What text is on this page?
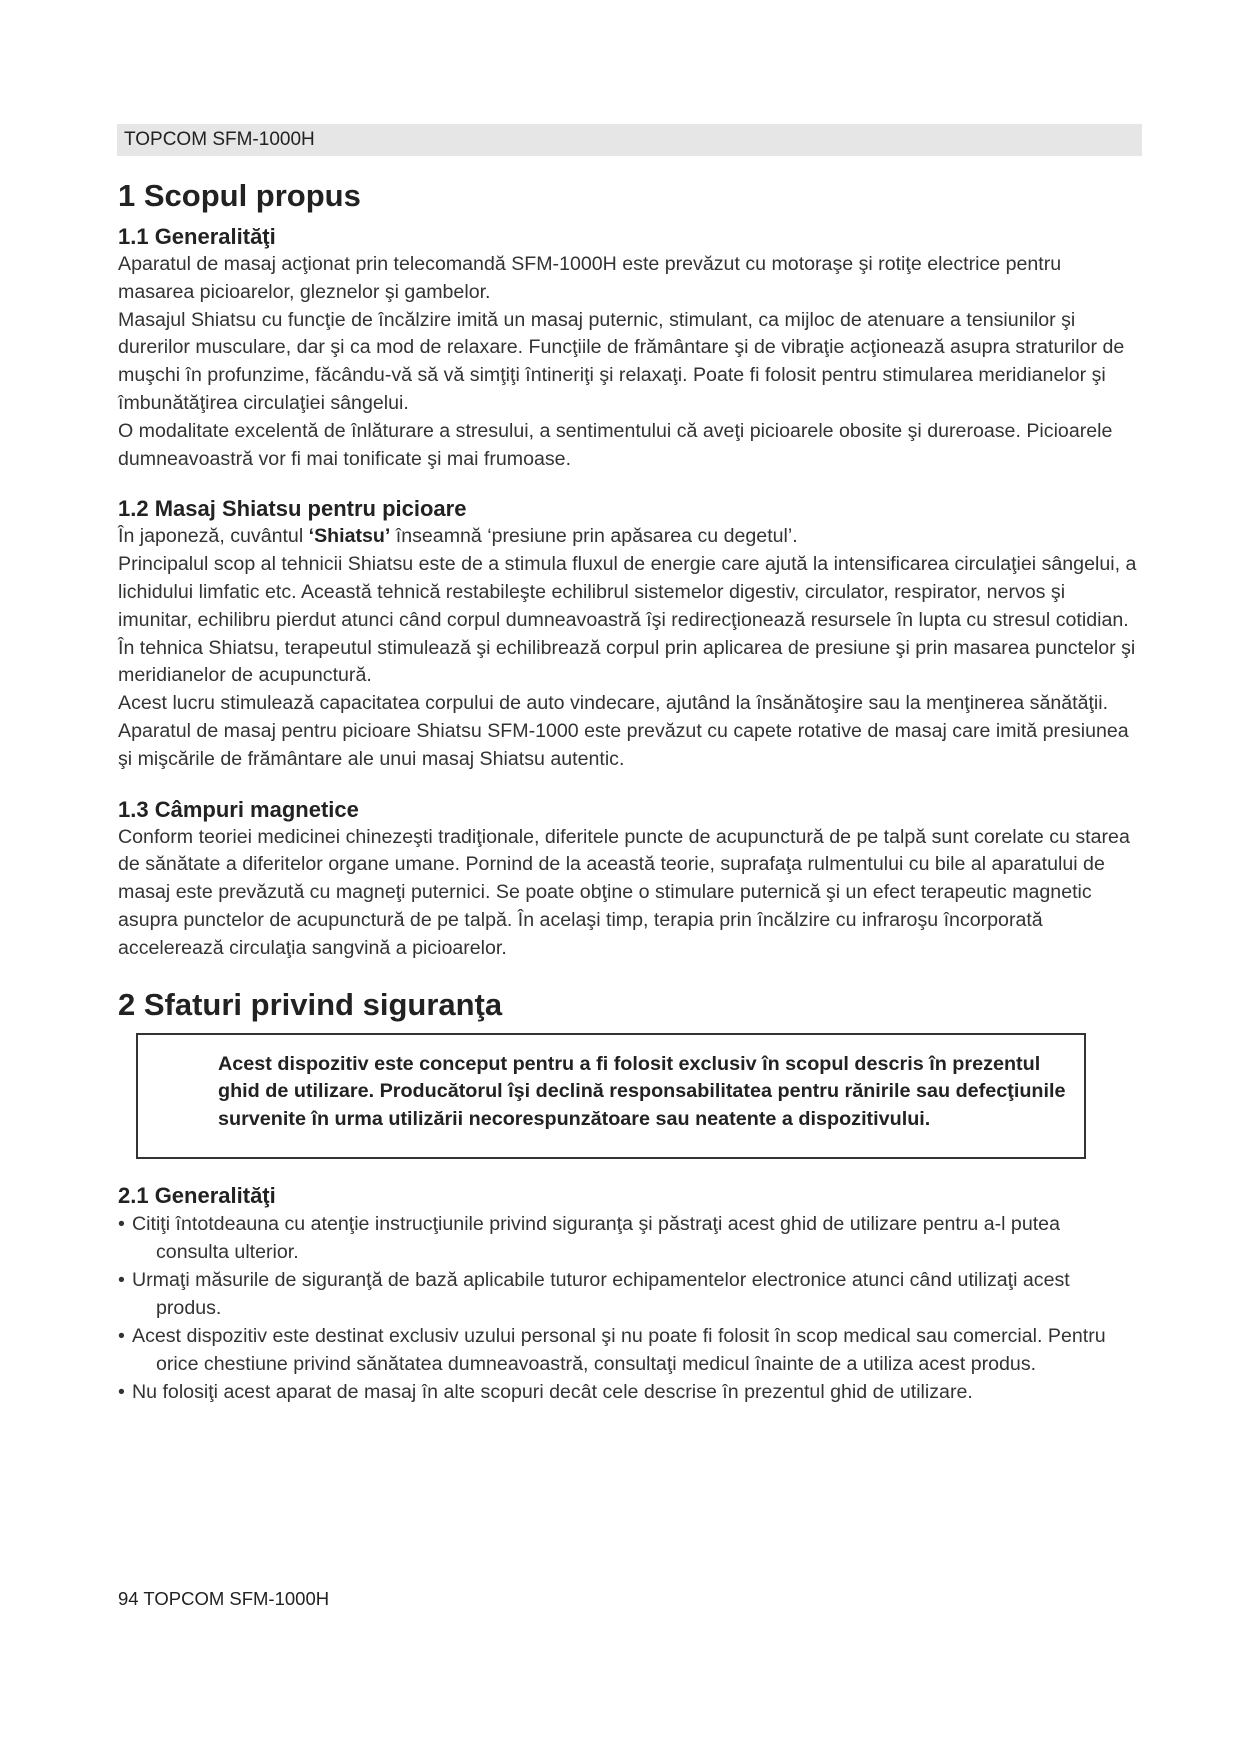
TOPCOM SFM-1000H
1 Scopul propus
1.1 Generalităţi

Aparatul de masaj acţionat prin telecomandă SFM-1000H este prevăzut cu motoraşe şi rotiţe electrice pentru masarea picioarelor, gleznelor şi gambelor.

Masajul Shiatsu cu funcţie de încălzire imită un masaj puternic, stimulant, ca mijloc de atenuare a tensiunilor şi durerilor musculare, dar şi ca mod de relaxare. Funcţiile de frământare şi de vibraţie acţionează asupra straturilor de muşchi în profunzime, făcându-vă să vă simţiţi întineriţi şi relaxaţi. Poate fi folosit pentru stimularea meridianelor şi îmbunătăţirea circulaţiei sângelui.

O modalitate excelentă de înlăturare a stresului, a sentimentului că aveţi picioarele obosite şi dureroase. Picioarele dumneavoastră vor fi mai tonificate şi mai frumoase.

1.2 Masaj Shiatsu pentru picioare

În japoneză, cuvântul ‘Shiatsu’ înseamnă ‘presiune prin apăsarea cu degetul’.

Principalul scop al tehnicii Shiatsu este de a stimula fluxul de energie care ajută la intensificarea circulaţiei sângelui, a lichidului limfatic etc. Această tehnică restabileşte echilibrul sistemelor digestiv, circulator, respirator, nervos şi imunitar, echilibru pierdut atunci când corpul dumneavoastră îşi redirecţionează resursele în lupta cu stresul cotidian.

În tehnica Shiatsu, terapeutul stimulează şi echilibrează corpul prin aplicarea de presiune şi prin masarea punctelor şi meridianelor de acupunctură.

Acest lucru stimulează capacitatea corpului de auto vindecare, ajutând la însănătoşire sau la menţinerea sănătăţii.

Aparatul de masaj pentru picioare Shiatsu SFM-1000 este prevăzut cu capete rotative de masaj care imită presiunea şi mişcările de frământare ale unui masaj Shiatsu autentic.

1.3 Câmpuri magnetice

Conform teoriei medicinei chinezeşti tradiţionale, diferitele puncte de acupunctură de pe talpă sunt corelate cu starea de sănătate a diferitelor organe umane. Pornind de la această teorie, suprafaţa rulmentului cu bile al aparatului de masaj este prevăzută cu magneţi puternici. Se poate obţine o stimulare puternică şi un efect terapeutic magnetic asupra punctelor de acupunctură de pe talpă. În acelaşi timp, terapia prin încălzire cu infraroşu încorporată accelerează circulaţia sangvină a picioarelor.

2 Sfaturi privind siguranţa

Acest dispozitiv este conceput pentru a fi folosit exclusiv în scopul descris în prezentul ghid de utilizare. Producătorul îşi declină responsabilitatea pentru rănirile sau defecţiunile survenite în urma utilizării necorespunzătoare sau neatente a dispozitivului.

2.1 Generalităţi
• Citiţi întotdeauna cu atenţie instrucţiunile privind siguranţa şi păstraţi acest ghid de utilizare pentru a-l putea consulta ulterior.
• Urmaţi măsurile de siguranţă de bază aplicabile tuturor echipamentelor electronice atunci când utilizaţi acest produs.
• Acest dispozitiv este destinat exclusiv uzului personal şi nu poate fi folosit în scop medical sau comercial. Pentru orice chestiune privind sănătatea dumneavoastră, consultaţi medicul înainte de a utiliza acest produs.
• Nu folosiţi acest aparat de masaj în alte scopuri decât cele descrise în prezentul ghid de utilizare.
94 TOPCOM SFM-1000H
